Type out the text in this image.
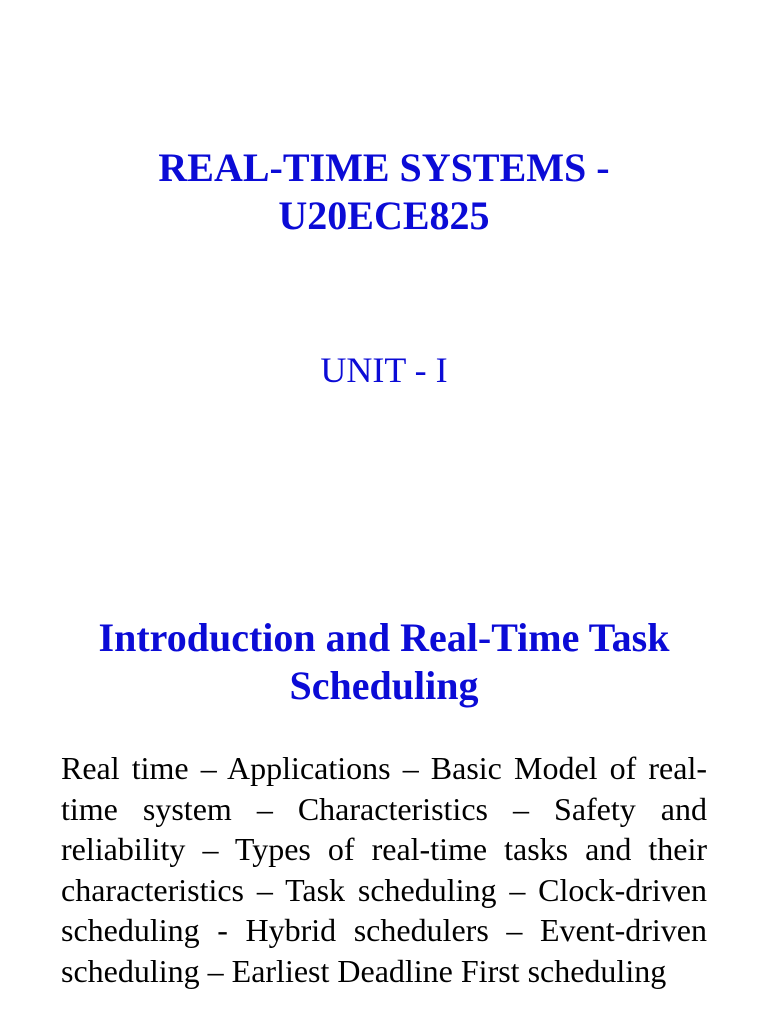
REAL-TIME SYSTEMS -
U20ECE825

UNIT - I

Introduction and Real-Time Task
Scheduling

Real time – Applications – Basic Model of real-time system – Characteristics – Safety and reliability – Types of real-time tasks and their characteristics – Task scheduling – Clock-driven scheduling - Hybrid schedulers – Event-driven scheduling – Earliest Deadline First scheduling
